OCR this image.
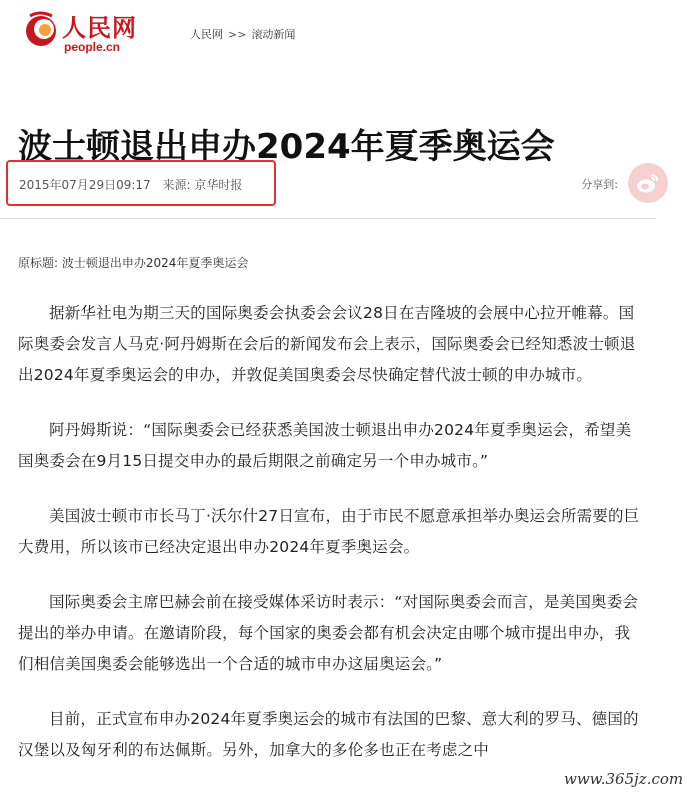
人民网
people.cn
人民网 >> 滚动新闻
波士顿退出申办2024年夏季奥运会
2015年07月29日09:17 来源: 京华时报	分享到:
原标题: 波士顿退出申办2024年夏季奥运会

据新华社电为期三天的国际奥委会执委会会议28日在吉隆坡的会展中心拉开帷幕。国际奥委会发言人马克·阿丹姆斯在会后的新闻发布会上表示，国际奥委会已经知悉波士顿退出2024年夏季奥运会的申办，并敦促美国奥委会尽快确定替代波士顿的申办城市。

阿丹姆斯说：“国际奥委会已经获悉美国波士顿退出申办2024年夏季奥运会，希望美国奥委会在9月15日提交申办的最后期限之前确定另一个申办城市。”

美国波士顿市市长马丁·沃尔什27日宣布，由于市民不愿意承担举办奥运会所需要的巨大费用，所以该市已经决定退出申办2024年夏季奥运会。

国际奥委会主席巴赫会前在接受媒体采访时表示：“对国际奥委会而言，是美国奥委会提出的举办申请。在邀请阶段，每个国家的奥委会都有机会决定由哪个城市提出申办，我们相信美国奥委会能够选出一个合适的城市申办这届奥运会。”

目前，正式宣布申办2024年夏季奥运会的城市有法国的巴黎、意大利的罗马、德国的汉堡以及匈牙利的布达佩斯。另外，加拿大的多伦多也正在考虑之中

www.365jz.com
